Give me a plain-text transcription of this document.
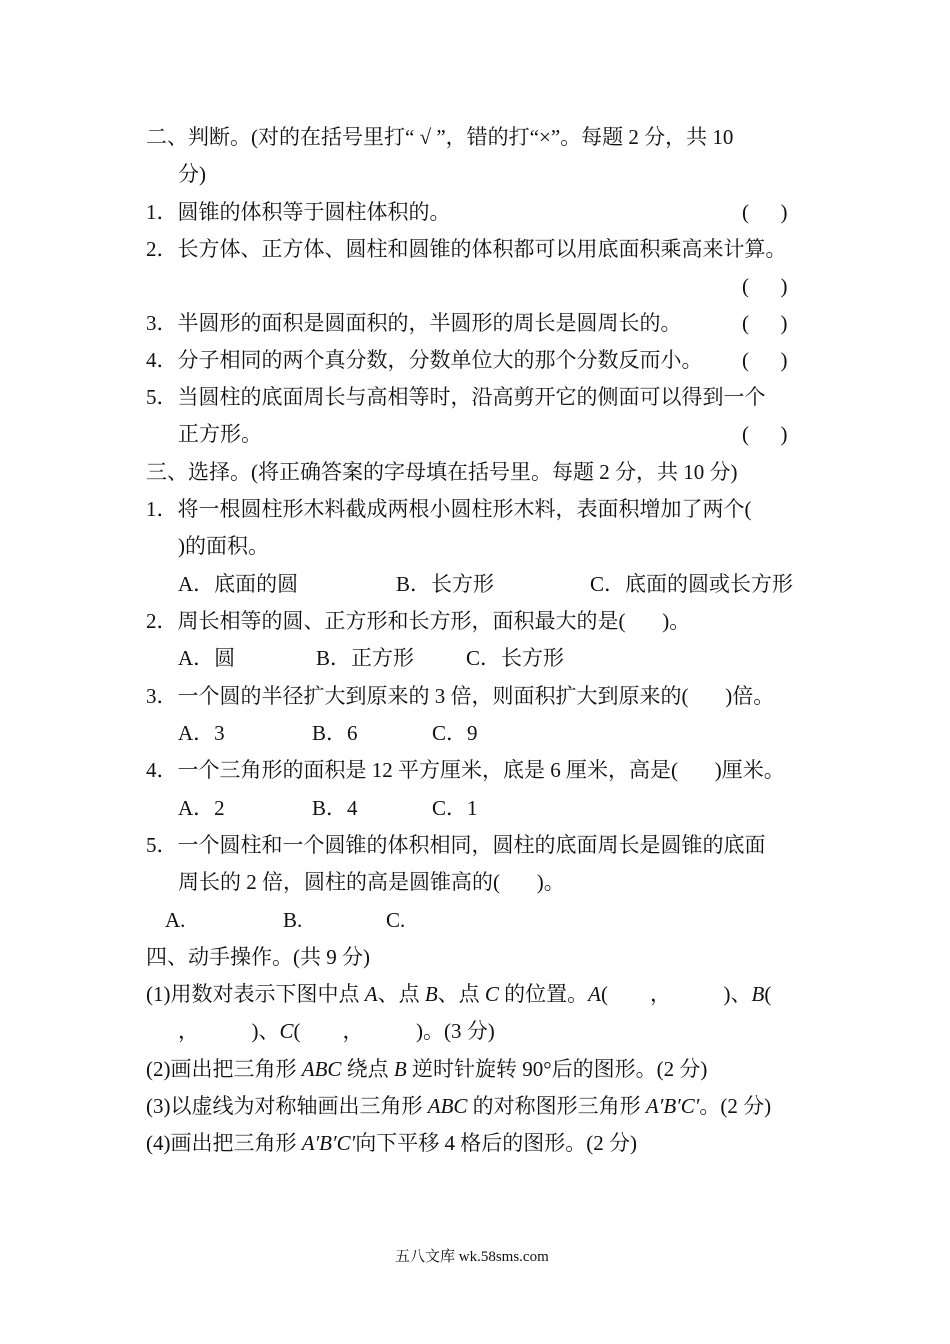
二、判断。(对的在括号里打“ √ ”，错的打“×”。每题 2 分，共 10
分)
1．圆锥的体积等于圆柱体积的。	(      )
2．长方体、正方体、圆柱和圆锥的体积都可以用底面积乘高来计算。
(      )
3．半圆形的面积是圆面积的，半圆形的周长是圆周长的。	(      )
4．分子相同的两个真分数，分数单位大的那个分数反而小。 (      )
5．当圆柱的底面周长与高相等时，沿高剪开它的侧面可以得到一个
正方形。	(      )
三、选择。(将正确答案的字母填在括号里。每题 2 分，共 10 分)
1．将一根圆柱形木料截成两根小圆柱形木料，表面积增加了两个(
)的面积。
A．底面的圆	B．长方形	C．底面的圆或长方形
2．周长相等的圆、正方形和长方形，面积最大的是(       )。
A．圆	B．正方形 C．长方形
3．一个圆的半径扩大到原来的 3 倍，则面积扩大到原来的(       )倍。
A．3	B．6	C．9
4．一个三角形的面积是 12 平方厘米，底是 6 厘米，高是(       )厘米。
A．2	B．4	C．1
5．一个圆柱和一个圆锥的体积相同，圆柱的底面周长是圆锥的底面
周长的 2 倍，圆柱的高是圆锥高的(       )。
A.	B.	C.
四、动手操作。(共 9 分)
(1)用数对表示下图中点 A、点 B、点 C 的位置。A(        ，          )、B(
，          )、C(        ，          )。(3 分)
(2)画出把三角形 ABC 绕点 B 逆时针旋转 90°后的图形。(2 分)
(3)以虚线为对称轴画出三角形 ABC 的对称图形三角形 A′B′C′。(2 分)
(4)画出把三角形 A′B′C′向下平移 4 格后的图形。(2 分)
五八文库 wk.58sms.com
